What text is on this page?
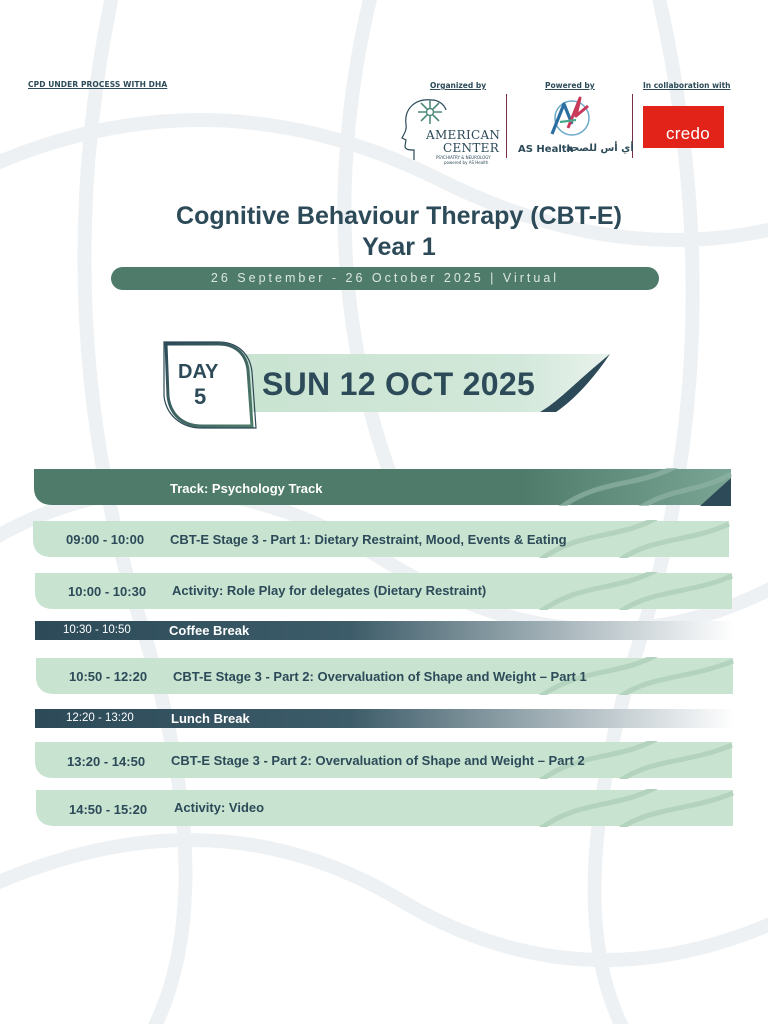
CPD UNDER PROCESS WITH DHA	Organized by	Powered by	In collaboration with
AMERICAN
CENTER
PSYCHIATRY & NEUROLOGY
powered by AS Health
AS Health
أي أس للصحة
credo
Cognitive Behaviour Therapy (CBT-E)
Year 1
26 September - 26 October 2025 | Virtual
DAY
5 SUN 12 OCT 2025
Track: Psychology Track
09:00 - 10:00 CBT-E Stage 3 - Part 1: Dietary Restraint, Mood, Events & Eating
10:00 - 10:30 Activity: Role Play for delegates (Dietary Restraint)
10:30 - 10:50	Coffee Break
10:50 - 12:20 CBT-E Stage 3 - Part 2: Overvaluation of Shape and Weight – Part 1
12:20 - 13:20	Lunch Break
13:20 - 14:50 CBT-E Stage 3 - Part 2: Overvaluation of Shape and Weight – Part 2
14:50 - 15:20 Activity: Video
